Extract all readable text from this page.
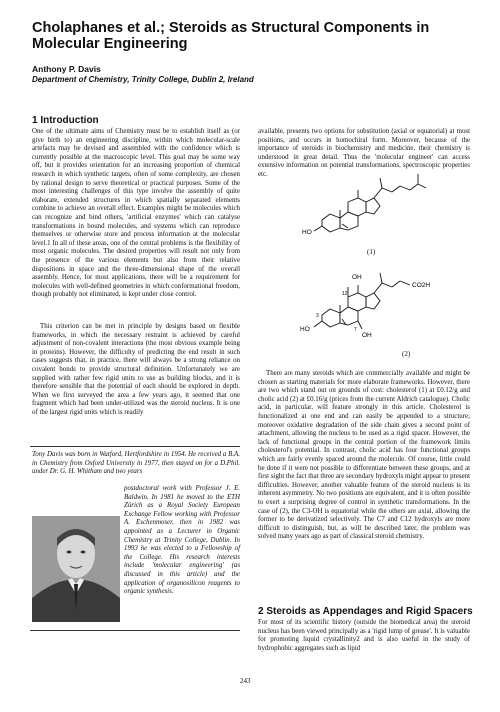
Cholaphanes et al.; Steroids as Structural Components in Molecular Engineering
Anthony P. Davis
Department of Chemistry, Trinity College, Dublin 2, Ireland
1 Introduction

One of the ultimate aims of Chemistry must be to establish itself as (or give birth to) an engineering discipline, within which molecular-scale artefacts may be devised and assembled with the confidence which is currently possible at the macroscopic level. This goal may be some way off, but it provides orientation for an increasing proportion of chemical research in which synthetic targets, often of some complexity, are chosen by rational design to serve theoretical or practical purposes. Some of the most interesting challenges of this type involve the assembly of quite elaborate, extended structures in which spatially separated elements combine to achieve an overall effect. Examples might be molecules which can recognize and bind others, 'artificial enzymes' which can catalyse transformations in bound molecules, and systems which can reproduce themselves or otherwise store and process information at the molecular level.1 In all of these areas, one of the central problems is the flexibility of most organic molecules. The desired properties will result not only from the presence of the various elements but also from their relative dispositions in space and the three-dimensional shape of the overall assembly. Hence, for most applications, there will be a requirement for molecules with well-defined geometries in which conformational freedom, though probably not eliminated, is kept under close control.

This criterion can be met in principle by designs based on flexible frameworks, in which the necessary restraint is achieved by careful adjustment of non-covalent interactions (the most obvious example being in proteins). However, the difficulty of predicting the end result in such cases suggests that, in practice, there will always be a strong reliance on covalent bonds to provide structural definition. Unfortunately we are supplied with rather few rigid units to use as building blocks, and it is therefore sensible that the potential of each should be explored in depth. When we first surveyed the area a few years ago, it seemed that one fragment which had been under-utilized was the steroid nucleus. It is one of the largest rigid units which is readily

Tony Davis was born in Watford, Hertfordshire in 1954. He received a B.A. in Chemistry from Oxford University in 1977, then stayed on for a D.Phil. under Dr. G. H. Whitham and two years

postdoctoral work with Professor J. E. Baldwin. In 1981 he moved to the ETH Zürich as a Royal Society European Exchange Fellow working with Professor A. Eschenmoser, then in 1982 was appointed as a Lecturer in Organic Chemistry at Trinity College, Dublin. In 1993 he was elected to a Fellowship of the College. His research interests include 'molecular engineering' (as discussed in this article) and the application of organosilicon reagents to organic synthesis.

available, presents two options for substitution (axial or equatorial) at most positions, and occurs in homochiral form. Moreover, because of the importance of steroids in biochemistry and medicine, their chemistry is understood in great detail. Thus the 'molecular engineer' can access extensive information on potential transformations, spectroscopic properties etc.

HO
(1)
OH
CO2H
12
3
7
HO
OH
(2)

There are many steroids which are commercially available and might be chosen as starting materials for more elaborate frameworks. However, there are two which stand out on grounds of cost: cholesterol (1) at £0.12/g and cholic acid (2) at £0.16/g (prices from the current Aldrich catalogue). Cholic acid, in particular, will feature strongly in this article. Cholesterol is functionalized at one end and can easily be appended to a structure; moreover oxidative degradation of the side chain gives a second point of attachment, allowing the nucleus to be used as a rigid spacer. However, the lack of functional groups in the central portion of the framework limits cholesterol's potential. In contrast, cholic acid has four functional groups which are fairly evenly spaced around the molecule. Of course, little could be done if it were not possible to differentiate between these groups, and at first sight the fact that three are secondary hydroxyls might appear to present difficulties. However, another valuable feature of the steroid nucleus is its inherent asymmetry. No two positions are equivalent, and it is often possible to exert a surprising degree of control in synthetic transformations. In the case of (2), the C3-OH is equatorial while the others are axial, allowing the former to be derivatized selectively. The C7 and C12 hydroxyls are more difficult to distinguish, but, as will be described later, the problem was solved many years ago as part of classical steroid chemistry.

2 Steroids as Appendages and Rigid Spacers

For most of its scientific history (outside the biomedical area) the steroid nucleus has been viewed principally as a 'rigid lump of grease'. It is valuable for promoting liquid crystallinity2 and is also useful in the study of hydrophobic aggregates such as lipid

243
